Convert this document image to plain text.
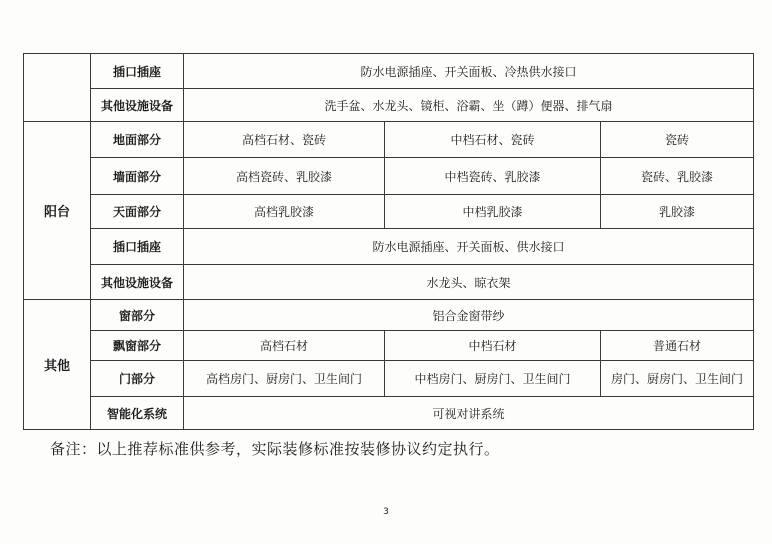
	插口插座	防水电源插座、开关面板、冷热供水接口		
	其他设施设备	洗手盆、水龙头、镜柜、浴霸、坐（蹲）便器、排气扇		
阳台	地面部分	高档石材、瓷砖	中档石材、瓷砖	瓷砖
	墙面部分	高档瓷砖、乳胶漆	中档瓷砖、乳胶漆	瓷砖、乳胶漆
	天面部分	高档乳胶漆	中档乳胶漆	乳胶漆
	插口插座	防水电源插座、开关面板、供水接口		
	其他设施设备	水龙头、晾衣架		
其他	窗部分	铝合金窗带纱		
	飘窗部分	高档石材	中档石材	普通石材
	门部分	高档房门、厨房门、卫生间门	中档房门、厨房门、卫生间门	房门、厨房门、卫生间门
	智能化系统	可视对讲系统		
备注：以上推荐标准供参考，实际装修标准按装修协议约定执行。
3
